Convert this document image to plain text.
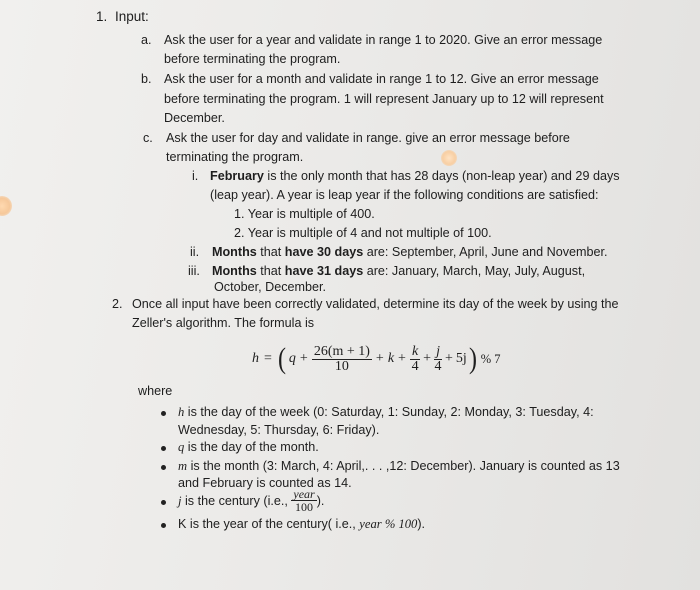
1. Input:
a. Ask the user for a year and validate in range 1 to 2020. Give an error message
before terminating the program.
b. Ask the user for a month and validate in range 1 to 12. Give an error message
before terminating the program. 1 will represent January up to 12 will represent
December.
c. Ask the user for day and validate in range. give an error message before
terminating the program.
i. February is the only month that has 28 days (non-leap year) and 29 days
(leap year). A year is leap year if the following conditions are satisfied:
1. Year is multiple of 400.
2. Year is multiple of 4 and not multiple of 100.
ii. Months that have 30 days are: September, April, June and November.
iii. Months that have 31 days are: January, March, May, July, August,
October, December.
2. Once all input have been correctly validated, determine its day of the week by using the
Zeller's algorithm. The formula is
h = ( $q + \frac{26(m + 1)}{10} + k + \frac{k}{4} + \frac{j}{4} + 5j$ ) % 7
where
h is the day of the week (0: Saturday, 1: Sunday, 2: Monday, 3: Tuesday, 4:
Wednesday, 5: Thursday, 6: Friday).
q is the day of the month.
m is the month (3: March, 4: April,. . . ,12: December). January is counted as 13
and February is counted as 14.
j is the century (i.e., $\frac{\text{year}}{100}$ ).
K is the year of the century( i.e., year % 100).
